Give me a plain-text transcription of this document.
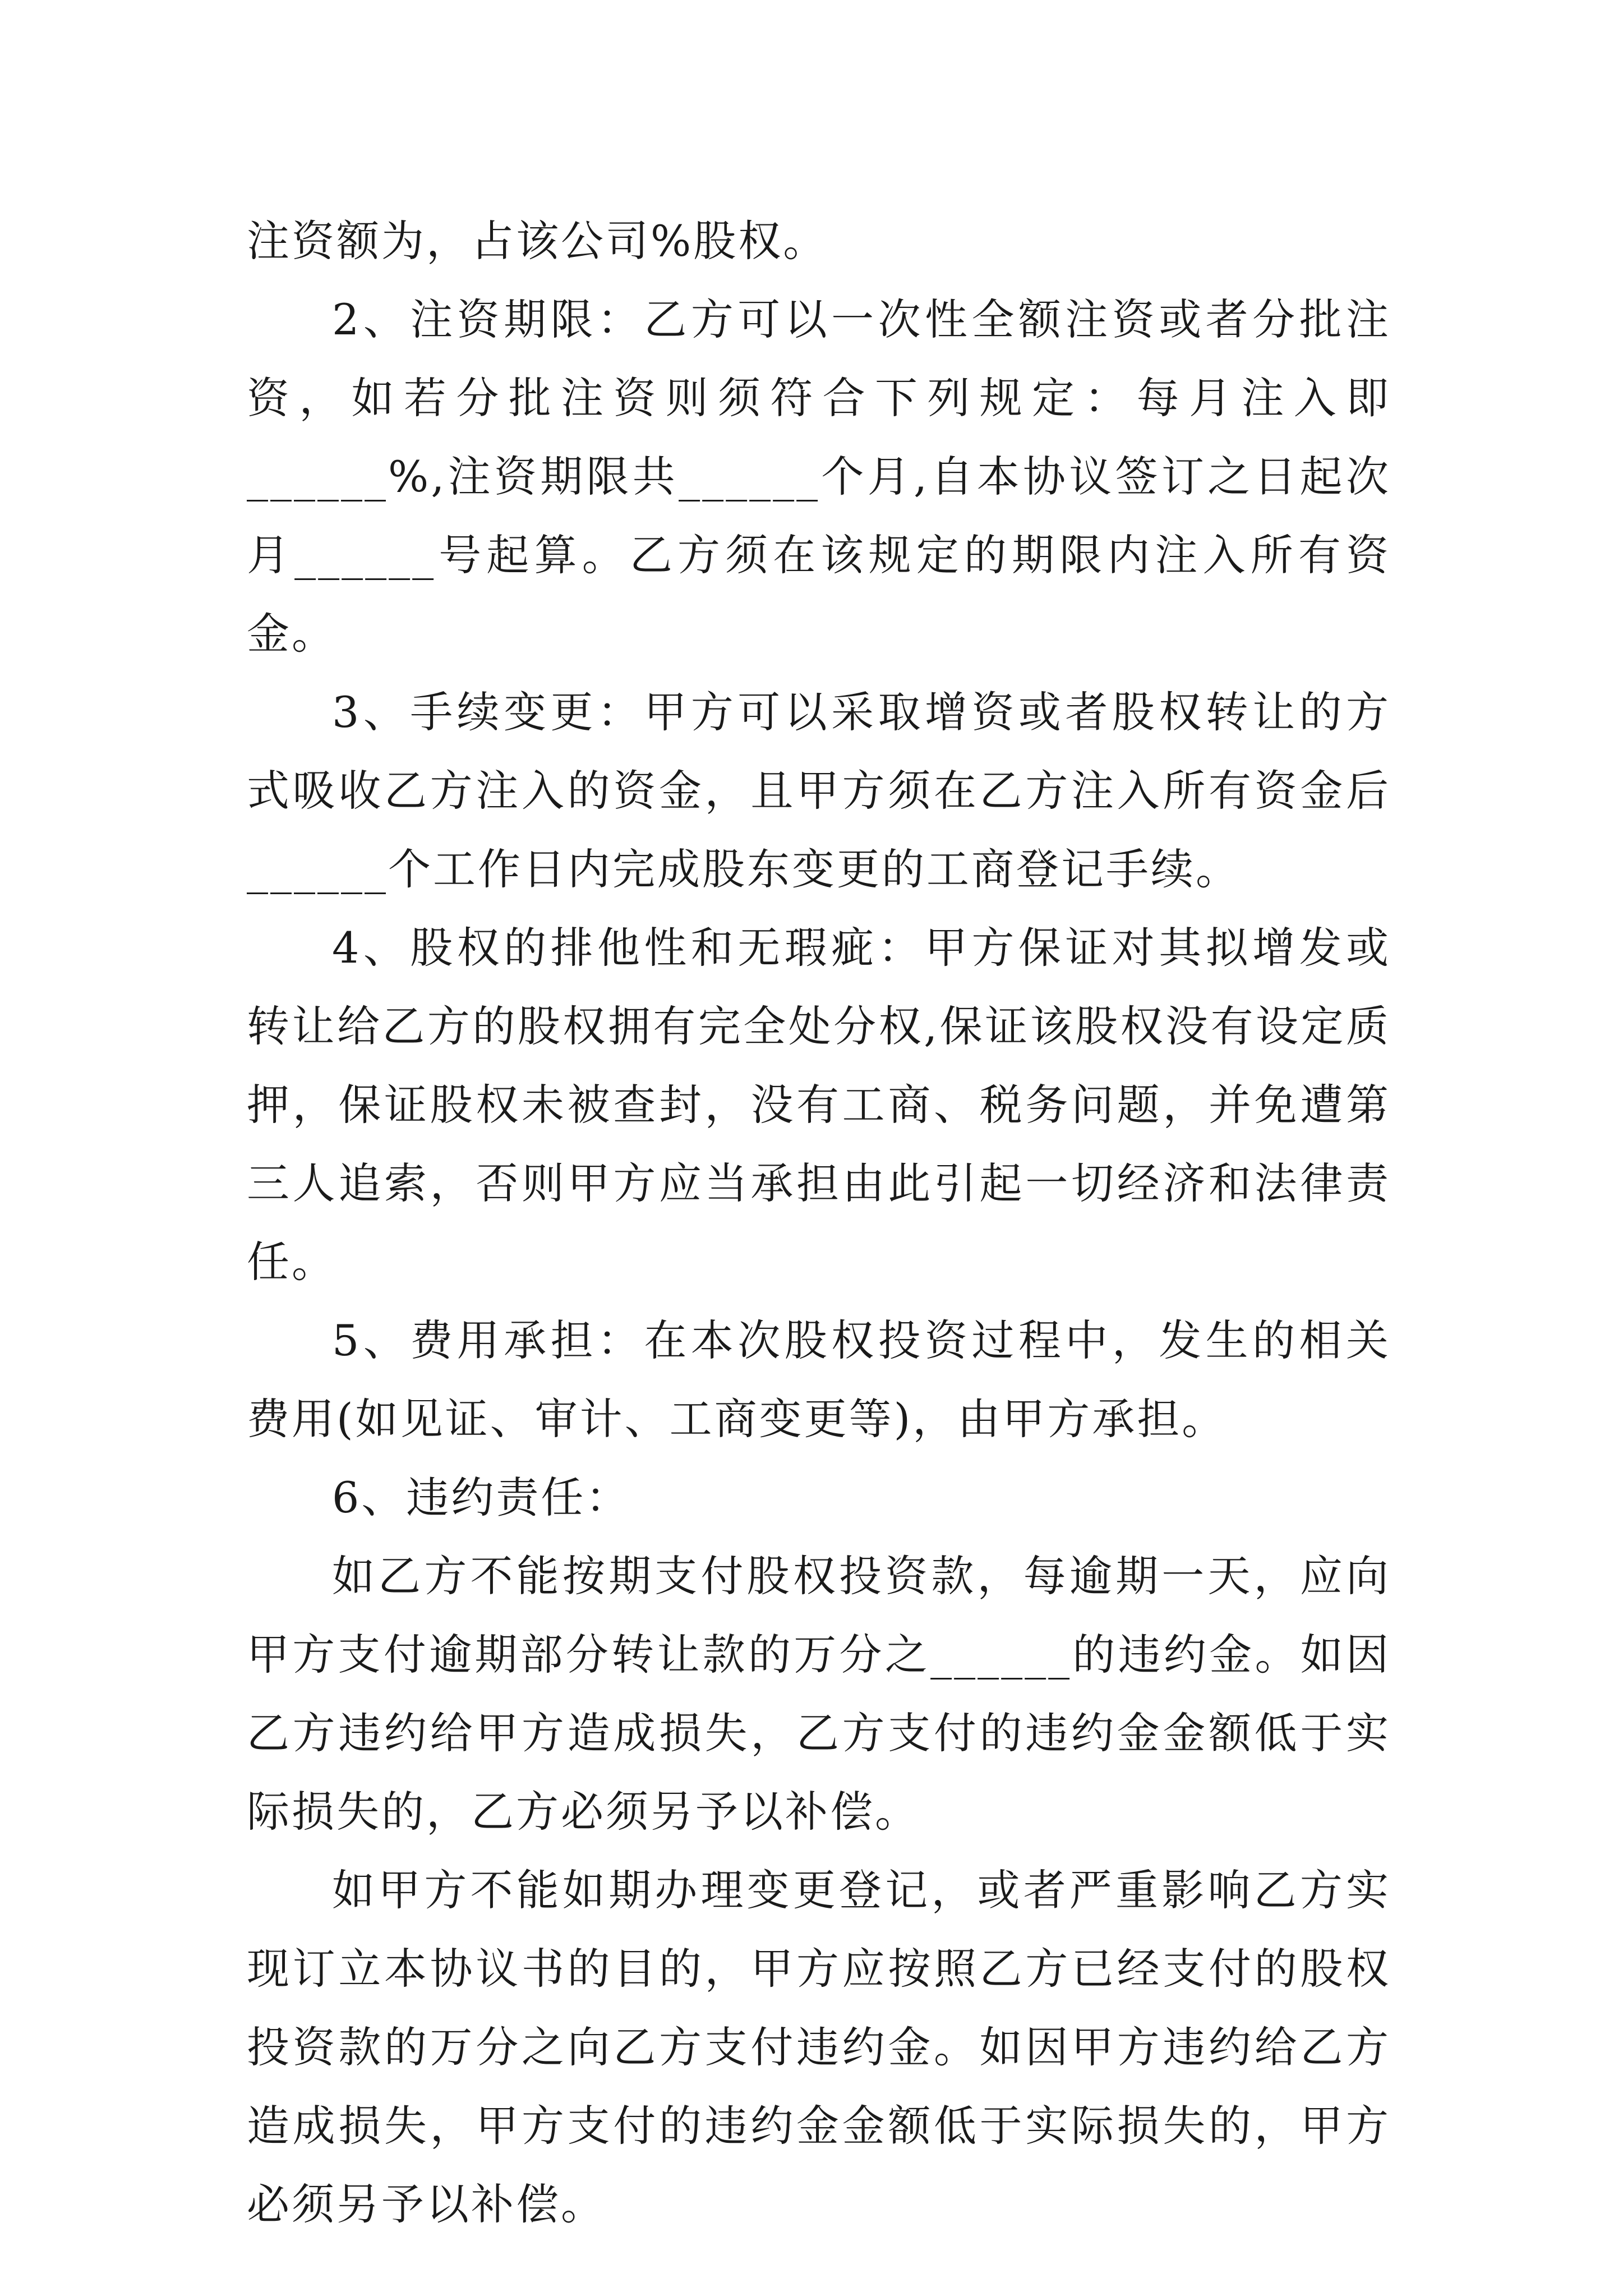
注资额为，占该公司%股权。

2、注资期限：乙方可以一次性全额注资或者分批注资，如若分批注资则须符合下列规定：每月注入即______%,注资期限共______个月,自本协议签订之日起次月______号起算。乙方须在该规定的期限内注入所有资金。

3、手续变更：甲方可以采取增资或者股权转让的方式吸收乙方注入的资金，且甲方须在乙方注入所有资金后______个工作日内完成股东变更的工商登记手续。

4、股权的排他性和无瑕疵：甲方保证对其拟增发或转让给乙方的股权拥有完全处分权,保证该股权没有设定质押，保证股权未被查封，没有工商、税务问题，并免遭第三人追索，否则甲方应当承担由此引起一切经济和法律责任。

5、费用承担：在本次股权投资过程中，发生的相关费用(如见证、审计、工商变更等)，由甲方承担。

6、违约责任：

如乙方不能按期支付股权投资款，每逾期一天，应向甲方支付逾期部分转让款的万分之______的违约金。如因乙方违约给甲方造成损失，乙方支付的违约金金额低于实际损失的，乙方必须另予以补偿。

如甲方不能如期办理变更登记，或者严重影响乙方实现订立本协议书的目的，甲方应按照乙方已经支付的股权投资款的万分之向乙方支付违约金。如因甲方违约给乙方造成损失，甲方支付的违约金金额低于实际损失的，甲方必须另予以补偿。
